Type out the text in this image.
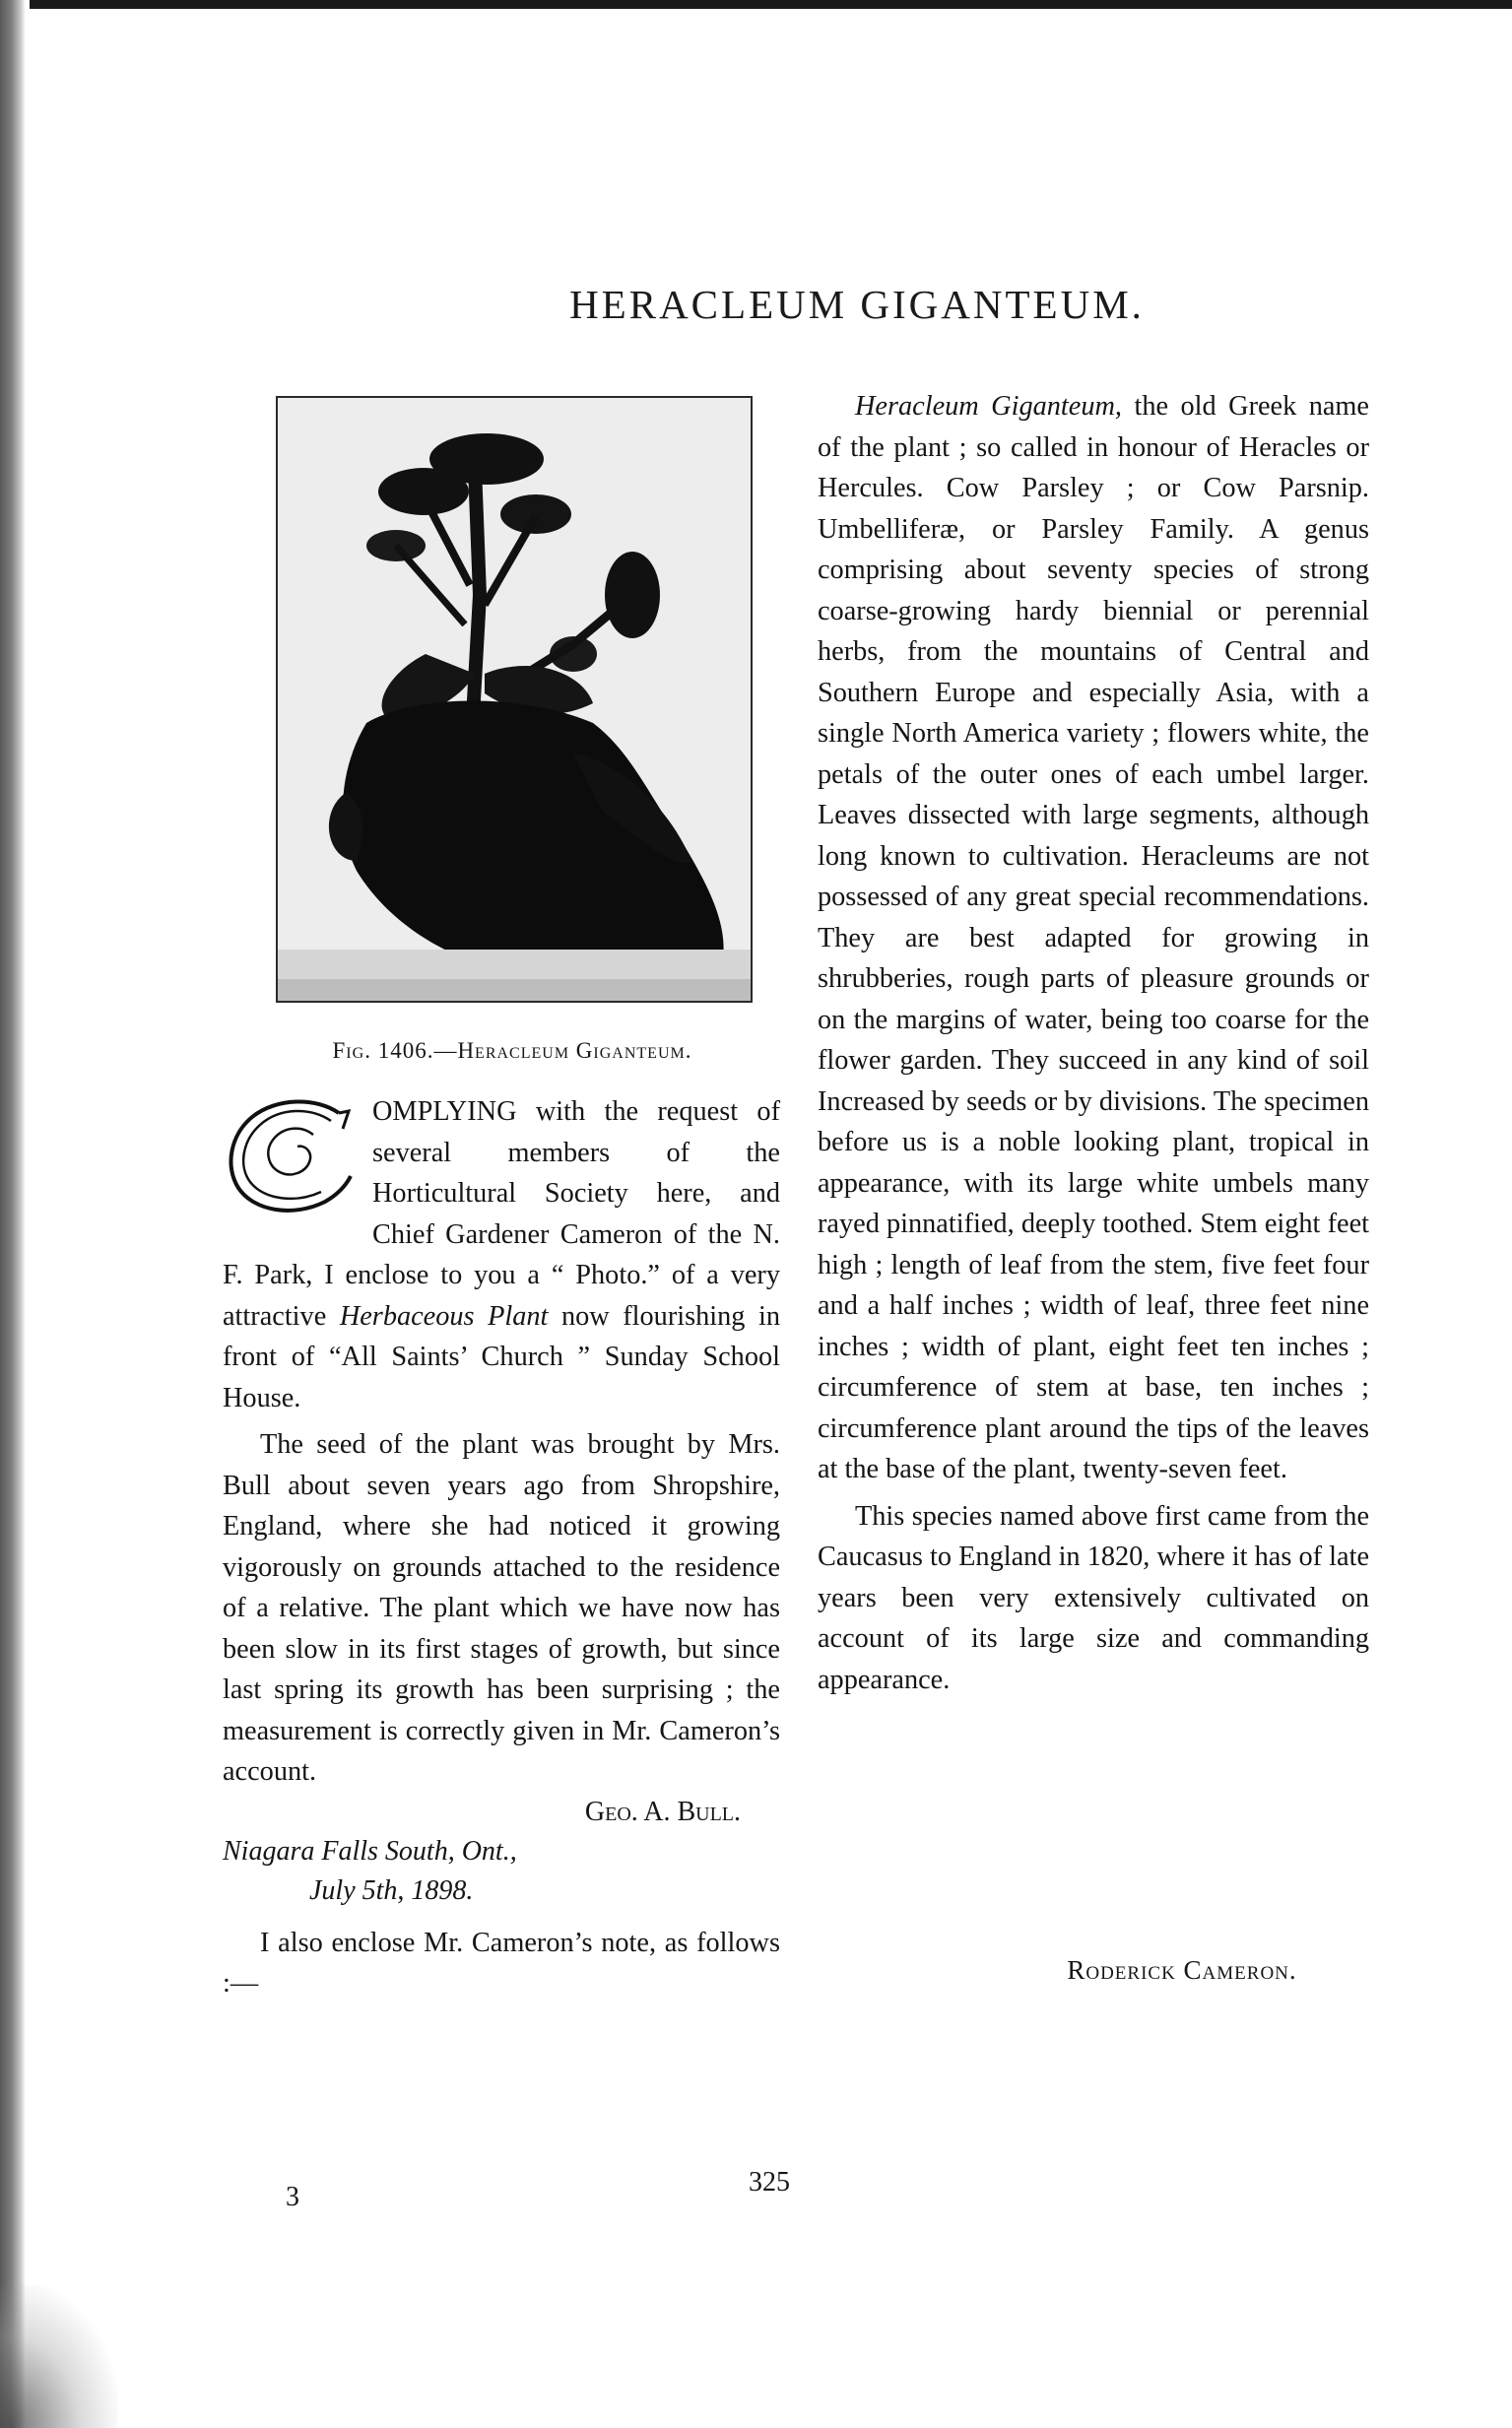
HERACLEUM GIGANTEUM.
Fig. 1406.—Heracleum Giganteum.
C

OMPLYING with the request of several members of the Horticultural Society here, and Chief Gardener Cameron of the N. F. Park, I enclose to you a “ Photo.” of a very attractive Herbaceous Plant now flourishing in front of “All Saints’ Church ” Sunday School House.

The seed of the plant was brought by Mrs. Bull about seven years ago from Shropshire, England, where she had noticed it growing vigorously on grounds attached to the residence of a relative. The plant which we have now has been slow in its first stages of growth, but since last spring its growth has been surprising ; the measurement is correctly given in Mr. Cameron’s account.

Geo. A. Bull.
Niagara Falls South, Ont.,
July 5th, 1898.

I also enclose Mr. Cameron’s note, as follows :—

Heracleum Giganteum, the old Greek name of the plant ; so called in honour of Heracles or Hercules. Cow Parsley ; or Cow Parsnip. Umbelliferæ, or Parsley Family. A genus comprising about seventy species of strong coarse-growing hardy biennial or perennial herbs, from the mountains of Central and Southern Europe and especially Asia, with a single North America variety ; flowers white, the petals of the outer ones of each umbel larger. Leaves dissected with large segments, although long known to cultivation. Heracleums are not possessed of any great special recommendations. They are best adapted for growing in shrubberies, rough parts of pleasure grounds or on the margins of water, being too coarse for the flower garden. They succeed in any kind of soil Increased by seeds or by divisions. The specimen before us is a noble looking plant, tropical in appearance, with its large white umbels many rayed pinnatified, deeply toothed. Stem eight feet high ; length of leaf from the stem, five feet four and a half inches ; width of leaf, three feet nine inches ; width of plant, eight feet ten inches ; circumference of stem at base, ten inches ; circumference plant around the tips of the leaves at the base of the plant, twenty-seven feet.

This species named above first came from the Caucasus to England in 1820, where it has of late years been very extensively cultivated on account of its large size and commanding appearance.

Roderick Cameron.
3	325
